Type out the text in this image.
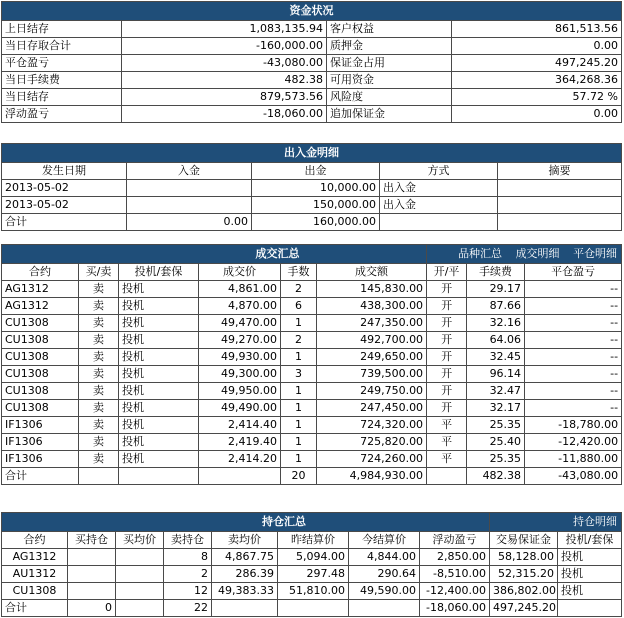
资金状况			
上日结存	1,083,135.94	客户权益	861,513.56
当日存取合计	-160,000.00	质押金	0.00
平仓盈亏	-43,080.00	保证金占用	497,245.20
当日手续费	482.38	可用资金	364,268.36
当日结存	879,573.56	风险度	57.72 %
浮动盈亏	-18,060.00	追加保证金	0.00
出入金明细				
发生日期	入金	出金	方式	摘要
2013-05-02		10,000.00	出入金	
2013-05-02		150,000.00	出入金	
合计	0.00	160,000.00		
成交汇总						品种汇总 成交明细 平仓明细		
合约	买/卖	投机/套保	成交价	手数	成交额	开/平	手续费	平仓盈亏
AG1312	卖	投机	4,861.00	2	145,830.00	开	29.17	--
AG1312	卖	投机	4,870.00	6	438,300.00	开	87.66	--
CU1308	卖	投机	49,470.00	1	247,350.00	开	32.16	--
CU1308	卖	投机	49,270.00	2	492,700.00	开	64.06	--
CU1308	卖	投机	49,930.00	1	249,650.00	开	32.45	--
CU1308	卖	投机	49,300.00	3	739,500.00	开	96.14	--
CU1308	卖	投机	49,950.00	1	249,750.00	开	32.47	--
CU1308	卖	投机	49,490.00	1	247,450.00	开	32.17	--
IF1306	卖	投机	2,414.40	1	724,320.00	平	25.35	-18,780.00
IF1306	卖	投机	2,419.40	1	725,820.00	平	25.40	-12,420.00
IF1306	卖	投机	2,414.20	1	724,260.00	平	25.35	-11,880.00
合计				20	4,984,930.00		482.38	-43,080.00
持仓汇总								持仓明细	
合约	买持仓	买均价	卖持仓	卖均价	昨结算价	今结算价	浮动盈亏	交易保证金	投机/套保
AG1312			8	4,867.75	5,094.00	4,844.00	2,850.00	58,128.00	投机
AU1312			2	286.39	297.48	290.64	-8,510.00	52,315.20	投机
CU1308			12	49,383.33	51,810.00	49,590.00	-12,400.00	386,802.00	投机
合计	0		22				-18,060.00	497,245.20	
